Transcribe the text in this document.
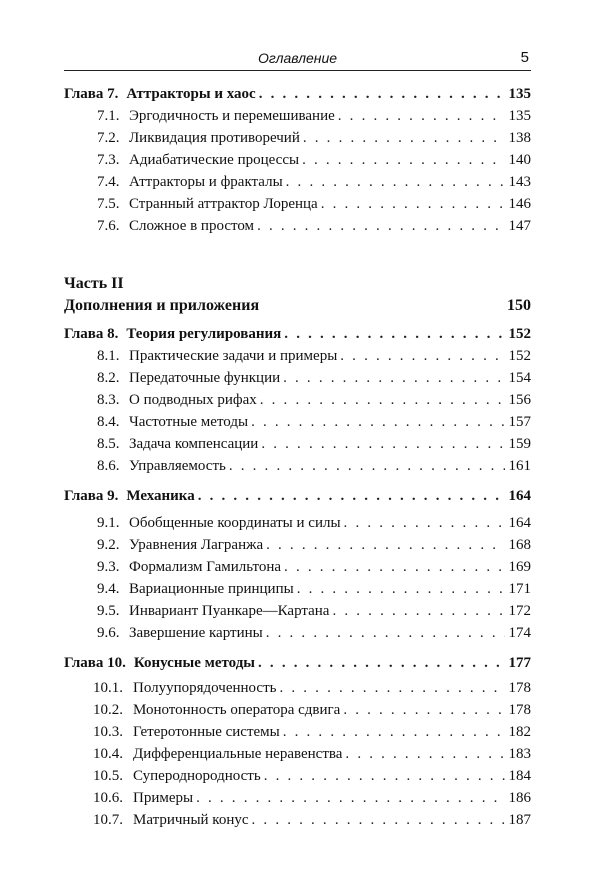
Оглавление	5
Глава 7. Аттракторы и хаос . . .	135
7.1. Эргодичность и перемешивание . . .	135
7.2. Ликвидация противоречий . . .	138
7.3. Адиабатические процессы . . .	140
7.4. Аттракторы и фракталы . . .	143
7.5. Странный аттрактор Лоренца . . .	146
7.6. Сложное в простом . . .	147
Часть II
Дополнения и приложения	150
Глава 8. Теория регулирования . . .	152
8.1. Практические задачи и примеры . . .	152
8.2. Передаточные функции . . .	154
8.3. О подводных рифах . . .	156
8.4. Частотные методы . . .	157
8.5. Задача компенсации . . .	159
8.6. Управляемость . . .	161
Глава 9. Механика . . .	164
9.1. Обобщенные координаты и силы . . .	164
9.2. Уравнения Лагранжа . . .	168
9.3. Формализм Гамильтона . . .	169
9.4. Вариационные принципы . . .	171
9.5. Инвариант Пуанкаре—Картана . . .	172
9.6. Завершение картины . . .	174
Глава 10. Конусные методы . . .	177
10.1. Полуупорядоченность . . .	178
10.2. Монотонность оператора сдвига . . .	178
10.3. Гетеротонные системы . . .	182
10.4. Дифференциальные неравенства . . .	183
10.5. Супероднородность . . .	184
10.6. Примеры . . .	186
10.7. Матричный конус . . .	187
